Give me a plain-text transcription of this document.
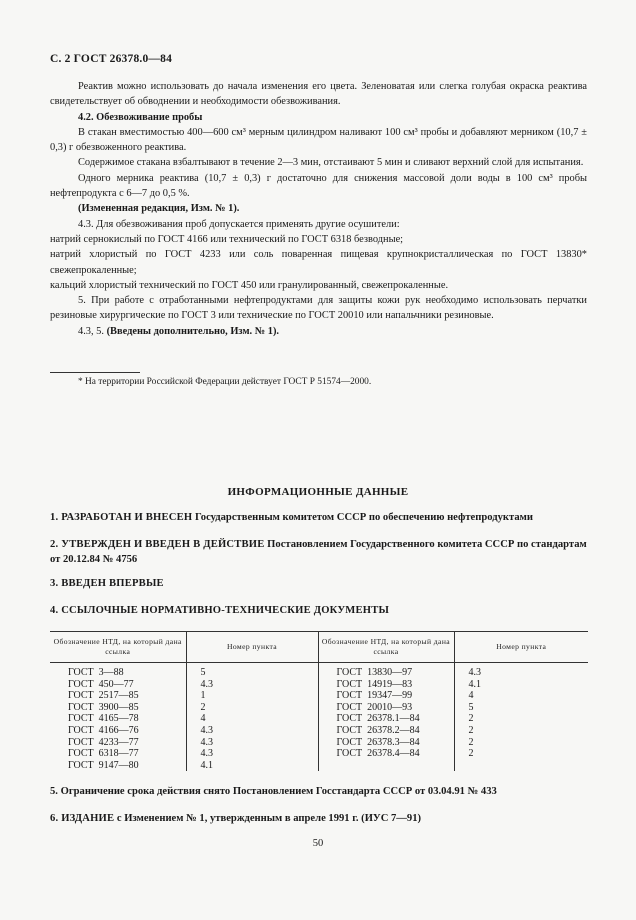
С. 2 ГОСТ 26378.0—84

Реактив можно использовать до начала изменения его цвета. Зеленоватая или слегка голубая окраска реактива свидетельствует об обводнении и необходимости обезвоживания.

4.2. Обезвоживание пробы

В стакан вместимостью 400—600 см³ мерным цилиндром наливают 100 см³ пробы и добавляют мерником (10,7 ± 0,3) г обезвоженного реактива.

Содержимое стакана взбалтывают в течение 2—3 мин, отстаивают 5 мин и сливают верхний слой для испытания.

Одного мерника реактива (10,7 ± 0,3) г достаточно для снижения массовой доли воды в 100 см³ пробы нефтепродукта с 6—7 до 0,5 %.

(Измененная редакция, Изм. № 1).

4.3. Для обезвоживания проб допускается применять другие осушители:

натрий сернокислый по ГОСТ 4166 или технический по ГОСТ 6318 безводные;

натрий хлористый по ГОСТ 4233 или соль поваренная пищевая крупнокристаллическая по ГОСТ 13830* свежепрокаленные;

кальций хлористый технический по ГОСТ 450 или гранулированный, свежепрокаленные.

5. При работе с отработанными нефтепродуктами для защиты кожи рук необходимо использовать перчатки резиновые хирургические по ГОСТ 3 или технические по ГОСТ 20010 или напальчники резиновые.

4.3, 5. (Введены дополнительно, Изм. № 1).

* На территории Российской Федерации действует ГОСТ Р 51574—2000.
ИНФОРМАЦИОННЫЕ ДАННЫЕ
1. РАЗРАБОТАН И ВНЕСЕН Государственным комитетом СССР по обеспечению нефтепродуктами
2. УТВЕРЖДЕН И ВВЕДЕН В ДЕЙСТВИЕ Постановлением Государственного комитета СССР по стандартам от 20.12.84 № 4756
3. ВВЕДЕН ВПЕРВЫЕ
4. ССЫЛОЧНЫЕ НОРМАТИВНО-ТЕХНИЧЕСКИЕ ДОКУМЕНТЫ
Обозначение НТД, на который дана ссылка	Номер пункта	Обозначение НТД, на который дана ссылка	Номер пункта
ГОСТ  3—88	5	ГОСТ  13830—97	4.3
ГОСТ  450—77	4.3	ГОСТ  14919—83	4.1
ГОСТ  2517—85	1	ГОСТ  19347—99	4
ГОСТ  3900—85	2	ГОСТ  20010—93	5
ГОСТ  4165—78	4	ГОСТ  26378.1—84	2
ГОСТ  4166—76	4.3	ГОСТ  26378.2—84	2
ГОСТ  4233—77	4.3	ГОСТ  26378.3—84	2
ГОСТ  6318—77	4.3	ГОСТ  26378.4—84	2
ГОСТ  9147—80	4.1		
5. Ограничение срока действия снято Постановлением Госстандарта СССР от 03.04.91 № 433
6. ИЗДАНИЕ с Изменением № 1, утвержденным в апреле 1991 г. (ИУС 7—91)
50
